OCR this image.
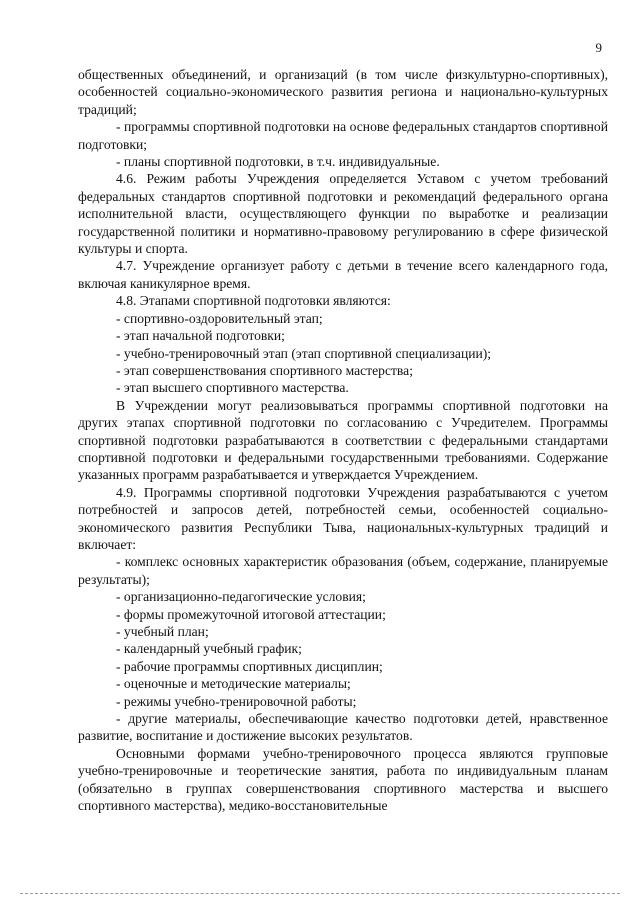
9

общественных объединений, и организаций (в том числе физкультурно-спортивных), особенностей социально-экономического развития региона и национально-культурных традиций;

- программы спортивной подготовки на основе федеральных стандартов спортивной подготовки;

- планы спортивной подготовки, в т.ч. индивидуальные.

4.6. Режим работы Учреждения определяется Уставом с учетом требований федеральных стандартов спортивной подготовки и рекомендаций федерального органа исполнительной власти, осуществляющего функции по выработке и реализации государственной политики и нормативно-правовому регулированию в сфере физической культуры и спорта.

4.7. Учреждение организует работу с детьми в течение всего календарного года, включая каникулярное время.

4.8. Этапами спортивной подготовки являются:

- спортивно-оздоровительный этап;

- этап начальной подготовки;

- учебно-тренировочный этап (этап спортивной специализации);

- этап совершенствования спортивного мастерства;

- этап высшего спортивного мастерства.

В Учреждении могут реализовываться программы спортивной подготовки на других этапах спортивной подготовки по согласованию с Учредителем. Программы спортивной подготовки разрабатываются в соответствии с федеральными стандартами спортивной подготовки и федеральными государственными требованиями. Содержание указанных программ разрабатывается и утверждается Учреждением.

4.9. Программы спортивной подготовки Учреждения разрабатываются с учетом потребностей и запросов детей, потребностей семьи, особенностей социально-экономического развития Республики Тыва, национальных-культурных традиций и включает:

- комплекс основных характеристик образования (объем, содержание, планируемые результаты);

- организационно-педагогические условия;

- формы промежуточной итоговой аттестации;

- учебный план;

- календарный учебный график;

- рабочие программы спортивных дисциплин;

- оценочные и методические материалы;

- режимы учебно-тренировочной работы;

- другие материалы, обеспечивающие качество подготовки детей, нравственное развитие, воспитание и достижение высоких результатов.

Основными формами учебно-тренировочного процесса являются групповые учебно-тренировочные и теоретические занятия, работа по индивидуальным планам (обязательно в группах совершенствования спортивного мастерства и высшего спортивного мастерства), медико-восстановительные
